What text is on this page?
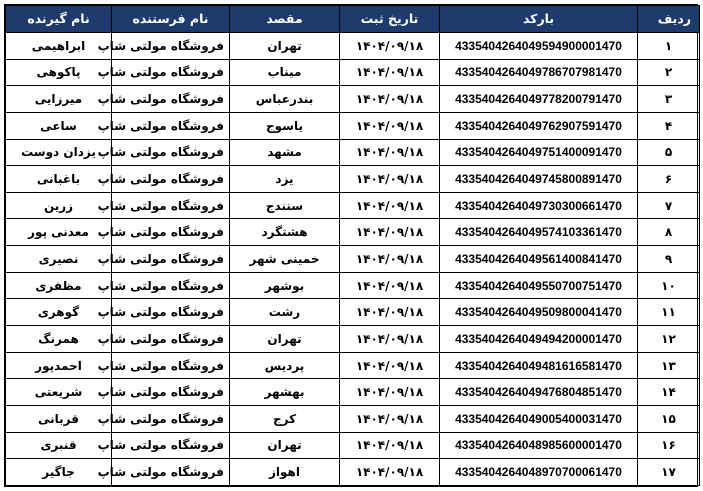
ردیف	بارکد	تاریخ ثبت	مقصد	نام فرستنده	نام گیرنده
۱	4335404264049594900001470	۱۴۰۴/۰۹/۱۸	تهران	فروشگاه مولتی شاپ	ابراهیمی
۲	4335404264049786707981470	۱۴۰۴/۰۹/۱۸	میناب	فروشگاه مولتی شاپ	پاکوهی
۳	4335404264049778200791470	۱۴۰۴/۰۹/۱۸	بندرعباس	فروشگاه مولتی شاپ	میرزایی
۴	4335404264049762907591470	۱۴۰۴/۰۹/۱۸	یاسوج	فروشگاه مولتی شاپ	ساعی
۵	4335404264049751400091470	۱۴۰۴/۰۹/۱۸	مشهد	فروشگاه مولتی شاپ	یزدان دوست
۶	4335404264049745800891470	۱۴۰۴/۰۹/۱۸	یزد	فروشگاه مولتی شاپ	باغبانی
۷	4335404264049730300661470	۱۴۰۴/۰۹/۱۸	سنندج	فروشگاه مولتی شاپ	زرین
۸	4335404264049574103361470	۱۴۰۴/۰۹/۱۸	هشتگرد	فروشگاه مولتی شاپ	معدنی پور
۹	4335404264049561400841470	۱۴۰۴/۰۹/۱۸	خمینی شهر	فروشگاه مولتی شاپ	نصیری
۱۰	4335404264049550700751470	۱۴۰۴/۰۹/۱۸	بوشهر	فروشگاه مولتی شاپ	مظفری
۱۱	4335404264049509800041470	۱۴۰۴/۰۹/۱۸	رشت	فروشگاه مولتی شاپ	گوهری
۱۲	4335404264049494200001470	۱۴۰۴/۰۹/۱۸	تهران	فروشگاه مولتی شاپ	همرنگ
۱۳	4335404264049481616581470	۱۴۰۴/۰۹/۱۸	پردیس	فروشگاه مولتی شاپ	احمدپور
۱۴	4335404264049476804851470	۱۴۰۴/۰۹/۱۸	بهشهر	فروشگاه مولتی شاپ	شریعتی
۱۵	4335404264049005400031470	۱۴۰۴/۰۹/۱۸	کرج	فروشگاه مولتی شاپ	قربانی
۱۶	4335404264048985600001470	۱۴۰۴/۰۹/۱۸	تهران	فروشگاه مولتی شاپ	قنبری
۱۷	4335404264048970700061470	۱۴۰۴/۰۹/۱۸	اهواز	فروشگاه مولتی شاپ	جاگیر
